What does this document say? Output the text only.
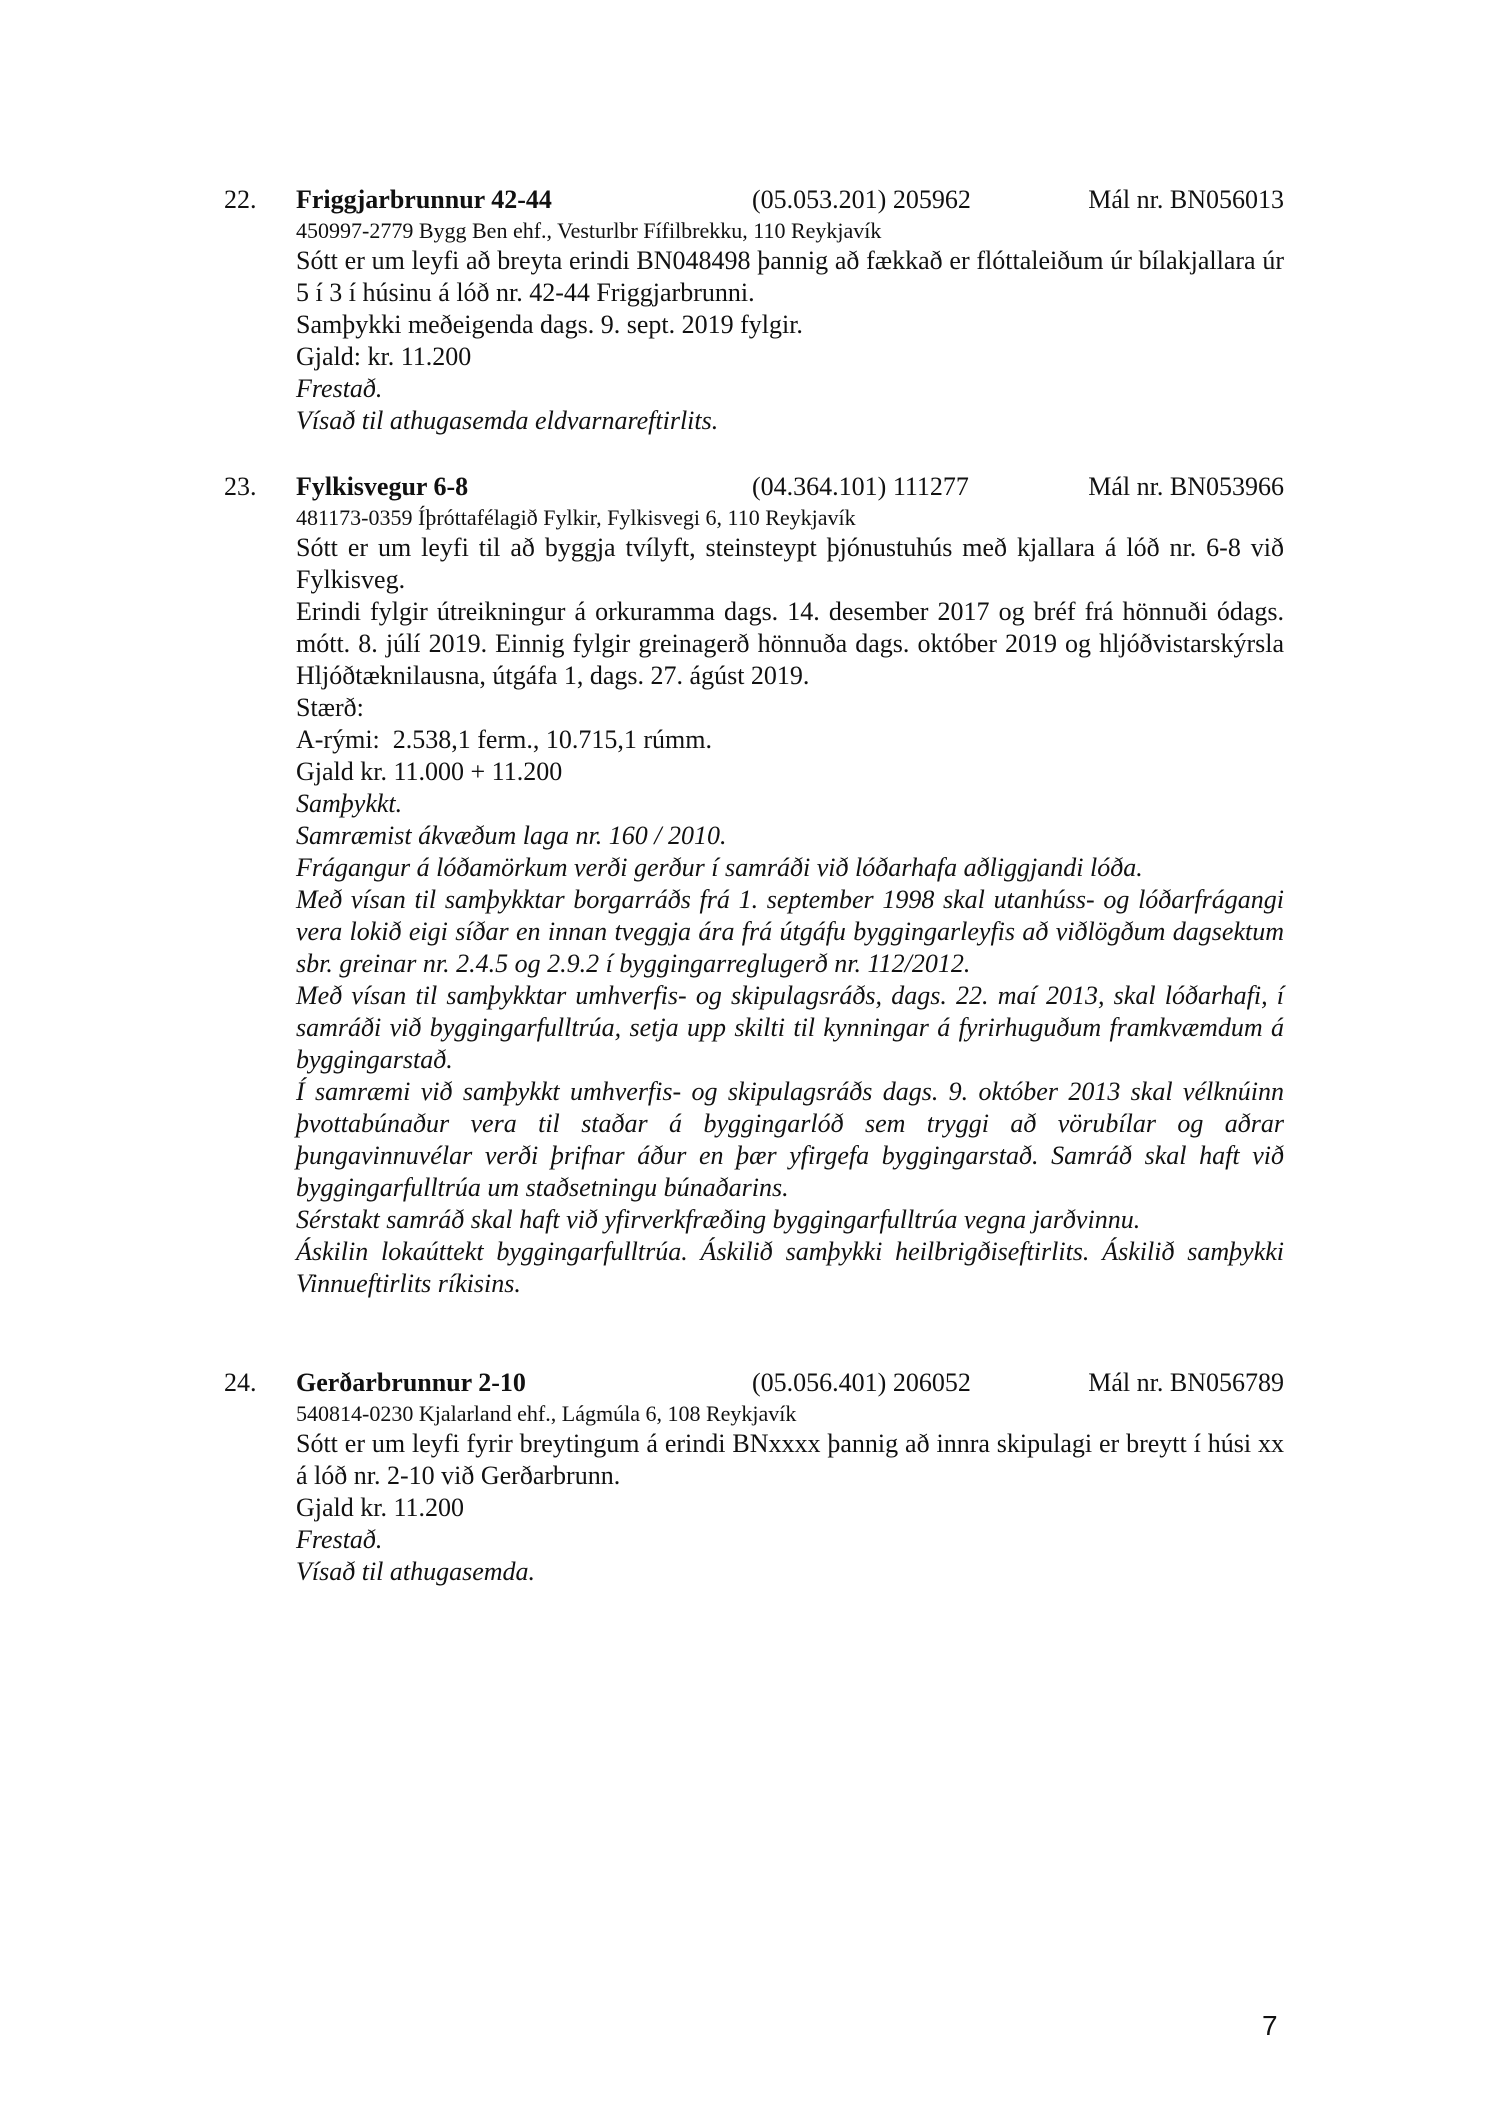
22. Friggjarbrunnur 42-44	(05.053.201) 205962	Mál nr. BN056013
450997-2779 Bygg Ben ehf., Vesturlbr Fífilbrekku, 110 Reykjavík

Sótt er um leyfi að breyta erindi BN048498 þannig að fækkað er flóttaleiðum úr bílakjallara úr 5 í 3 í húsinu á lóð nr. 42-44 Friggjarbrunni.

Samþykki meðeigenda dags. 9. sept. 2019 fylgir.

Gjald: kr. 11.200

Frestað.

Vísað til athugasemda eldvarnareftirlits.

23. Fylkisvegur 6-8	(04.364.101) 111277	Mál nr. BN053966
481173-0359 Íþróttafélagið Fylkir, Fylkisvegi 6, 110 Reykjavík

Sótt er um leyfi til að byggja tvílyft, steinsteypt þjónustuhús með kjallara á lóð nr. 6-8 við Fylkisveg.

Erindi fylgir útreikningur á orkuramma dags. 14. desember 2017 og bréf frá hönnuði ódags. mótt. 8. júlí 2019. Einnig fylgir greinagerð hönnuða dags. október 2019 og hljóðvistarskýrsla Hljóðtæknilausna, útgáfa 1, dags. 27. ágúst 2019.

Stærð:

A-rými:  2.538,1 ferm., 10.715,1 rúmm.

Gjald kr. 11.000 + 11.200

Samþykkt.

Samræmist ákvæðum laga nr. 160 / 2010.

Frágangur á lóðamörkum verði gerður í samráði við lóðarhafa aðliggjandi lóða.

Með vísan til samþykktar borgarráðs frá 1. september 1998 skal utanhúss- og lóðarfrágangi vera lokið eigi síðar en innan tveggja ára frá útgáfu byggingarleyfis að viðlögðum dagsektum sbr. greinar nr. 2.4.5 og 2.9.2 í byggingarreglugerð nr. 112/2012.

Með vísan til samþykktar umhverfis- og skipulagsráðs, dags. 22. maí 2013, skal lóðarhafi, í samráði við byggingarfulltrúa, setja upp skilti til kynningar á fyrirhuguðum framkvæmdum á byggingarstað.

Í samræmi við samþykkt umhverfis- og skipulagsráðs dags. 9. október 2013 skal vélknúinn þvottabúnaður vera til staðar á byggingarlóð sem tryggi að vörubílar og aðrar þungavinnuvélar verði þrifnar áður en þær yfirgefa byggingarstað. Samráð skal haft við byggingarfulltrúa um staðsetningu búnaðarins.

Sérstakt samráð skal haft við yfirverkfræðing byggingarfulltrúa vegna jarðvinnu.

Áskilin lokaúttekt byggingarfulltrúa. Áskilið samþykki heilbrigðiseftirlits. Áskilið samþykki Vinnueftirlits ríkisins.

24. Gerðarbrunnur 2-10	(05.056.401) 206052	Mál nr. BN056789
540814-0230 Kjalarland ehf., Lágmúla 6, 108 Reykjavík

Sótt er um leyfi fyrir breytingum á erindi BNxxxx þannig að innra skipulagi er breytt í húsi xx á lóð nr. 2-10 við Gerðarbrunn.

Gjald kr. 11.200

Frestað.

Vísað til athugasemda.

7
